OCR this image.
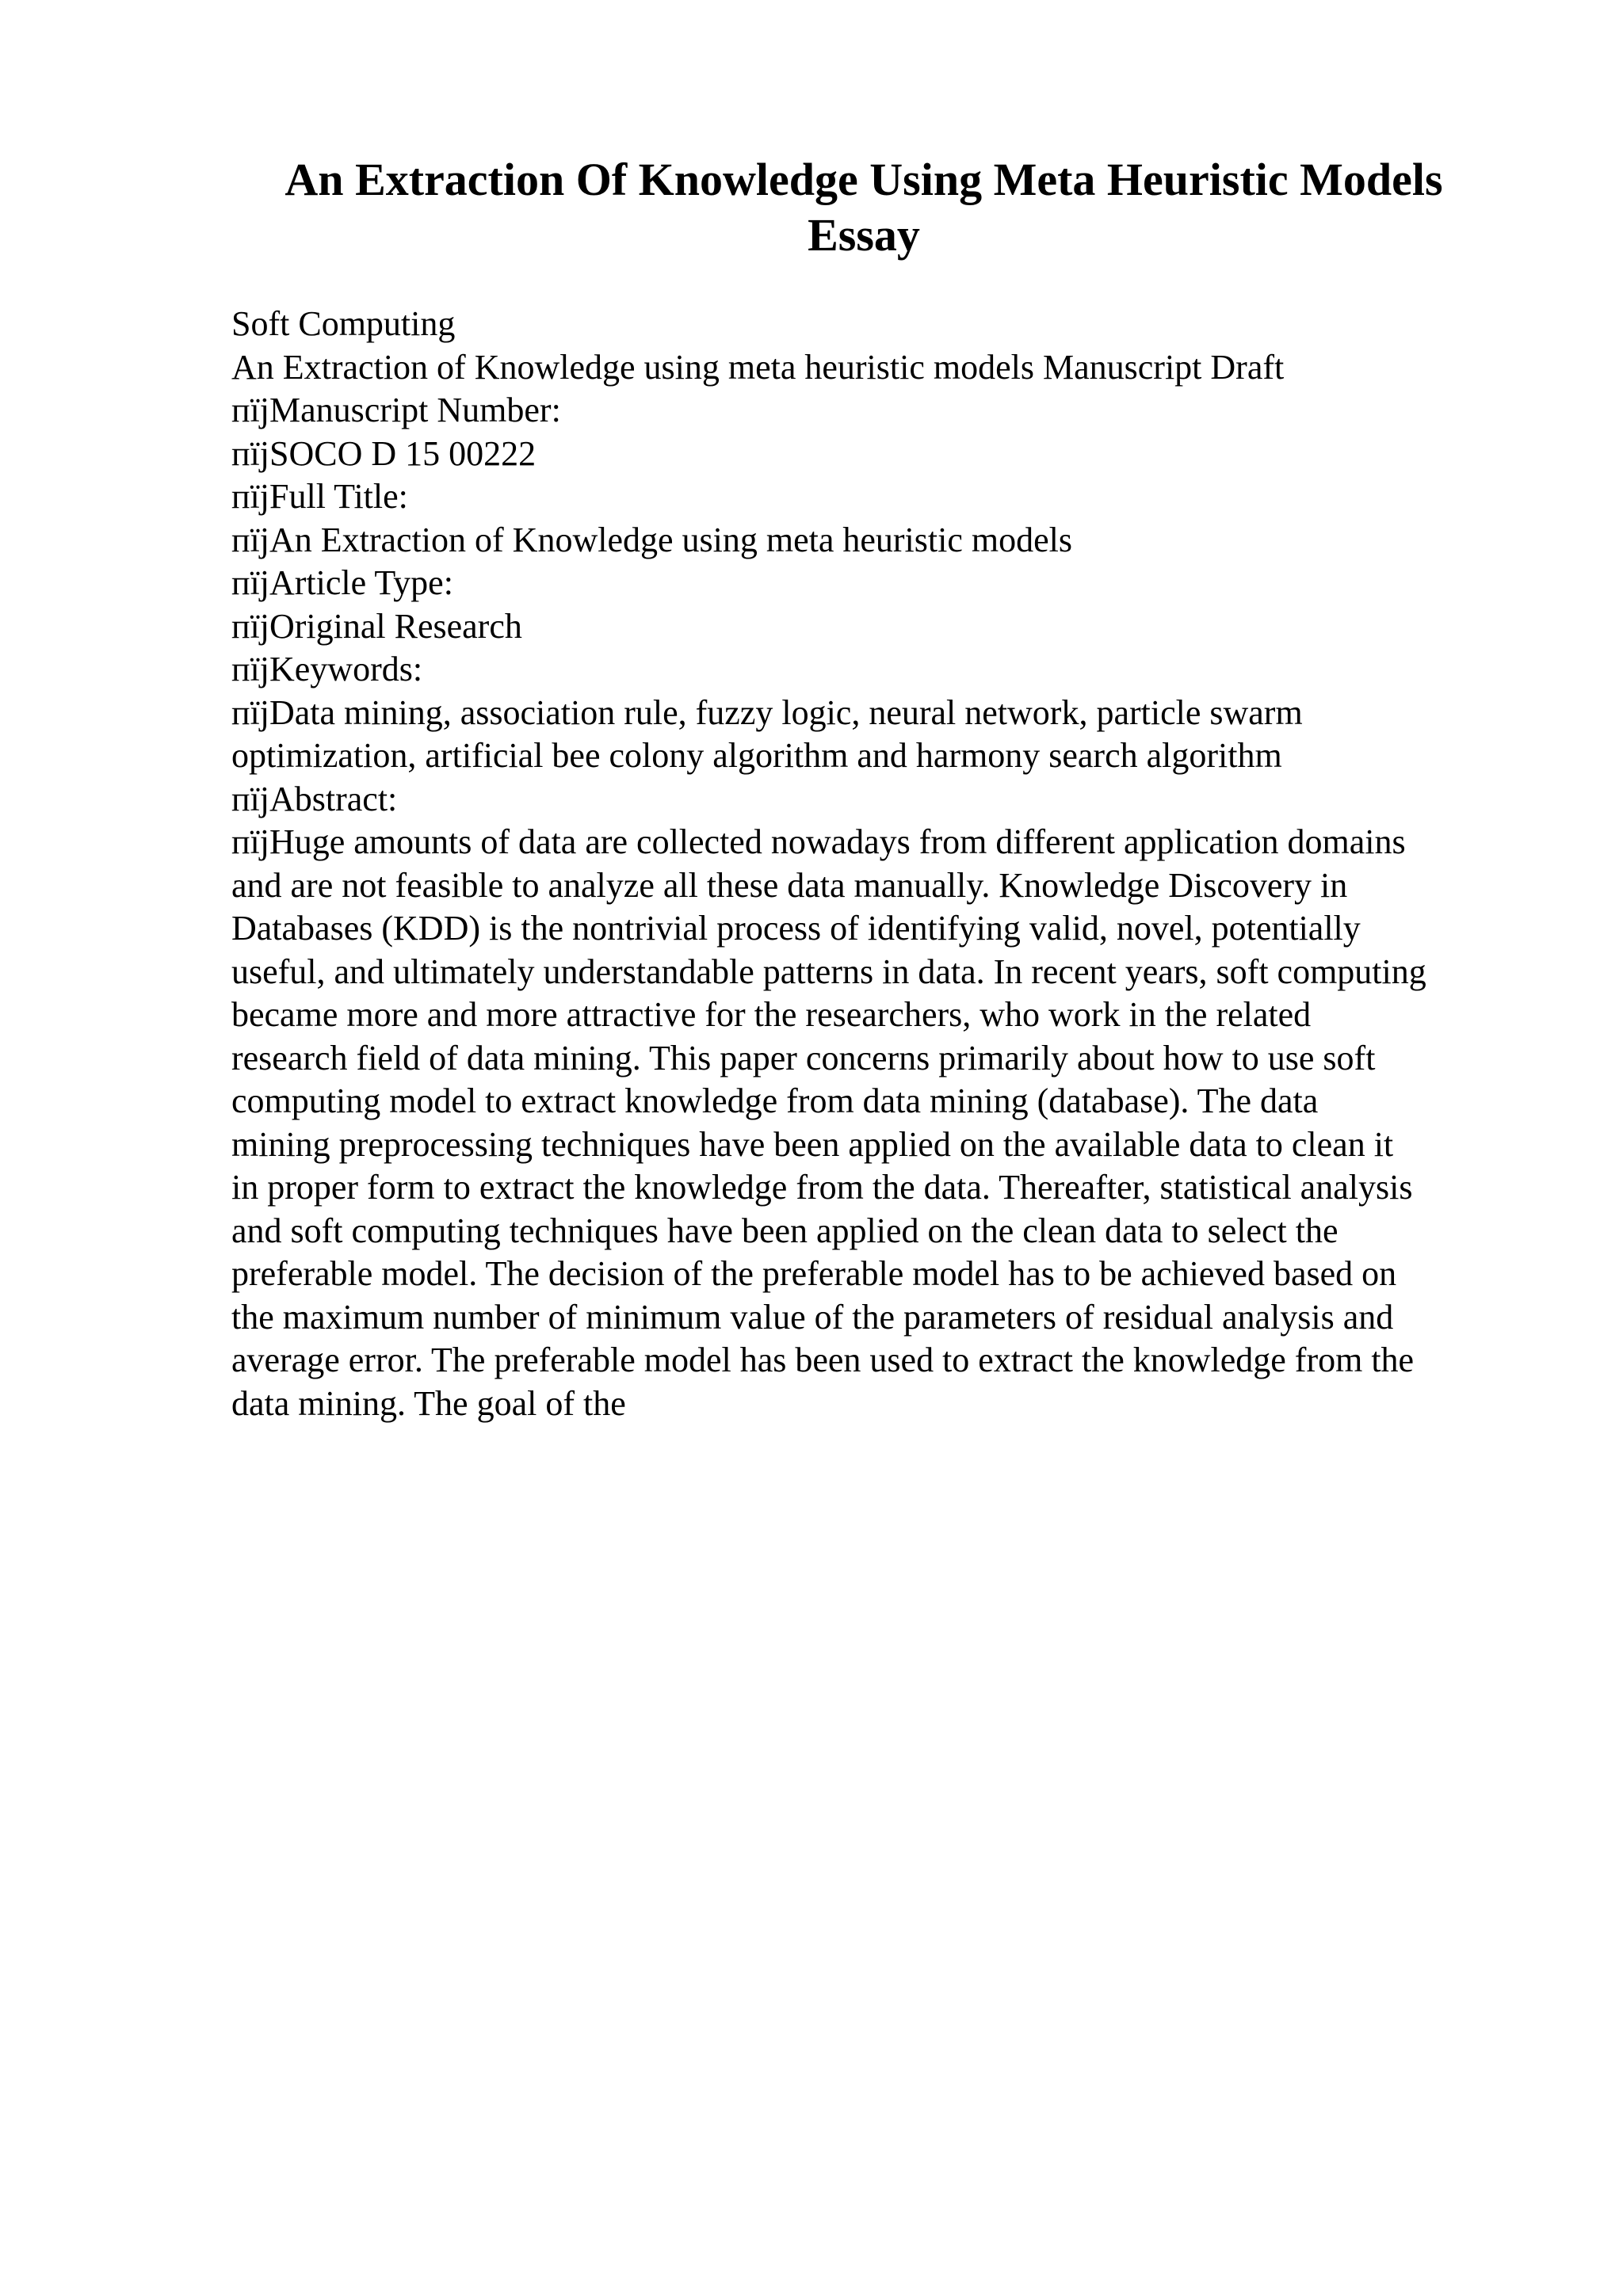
An Extraction Of Knowledge Using Meta Heuristic Models Essay
Soft Computing
An Extraction of Knowledge using meta heuristic models Manuscript Draft
пїјManuscript Number:
пїјSOCO D 15 00222
пїјFull Title:
пїјAn Extraction of Knowledge using meta heuristic models
пїјArticle Type:
пїјOriginal Research
пїјKeywords:
пїјData mining, association rule, fuzzy logic, neural network, particle swarm
optimization, artificial bee colony algorithm and harmony search algorithm
пїјAbstract:
пїјHuge amounts of data are collected nowadays from different application domains
and are not feasible to analyze all these data manually. Knowledge Discovery in
Databases (KDD) is the nontrivial process of identifying valid, novel, potentially
useful, and ultimately understandable patterns in data. In recent years, soft computing
became more and more attractive for the researchers, who work in the related
research field of data mining. This paper concerns primarily about how to use soft
computing model to extract knowledge from data mining (database). The data
mining preprocessing techniques have been applied on the available data to clean it
in proper form to extract the knowledge from the data. Thereafter, statistical analysis
and soft computing techniques have been applied on the clean data to select the
preferable model. The decision of the preferable model has to be achieved based on
the maximum number of minimum value of the parameters of residual analysis and
average error. The preferable model has been used to extract the knowledge from the
data mining. The goal of the
